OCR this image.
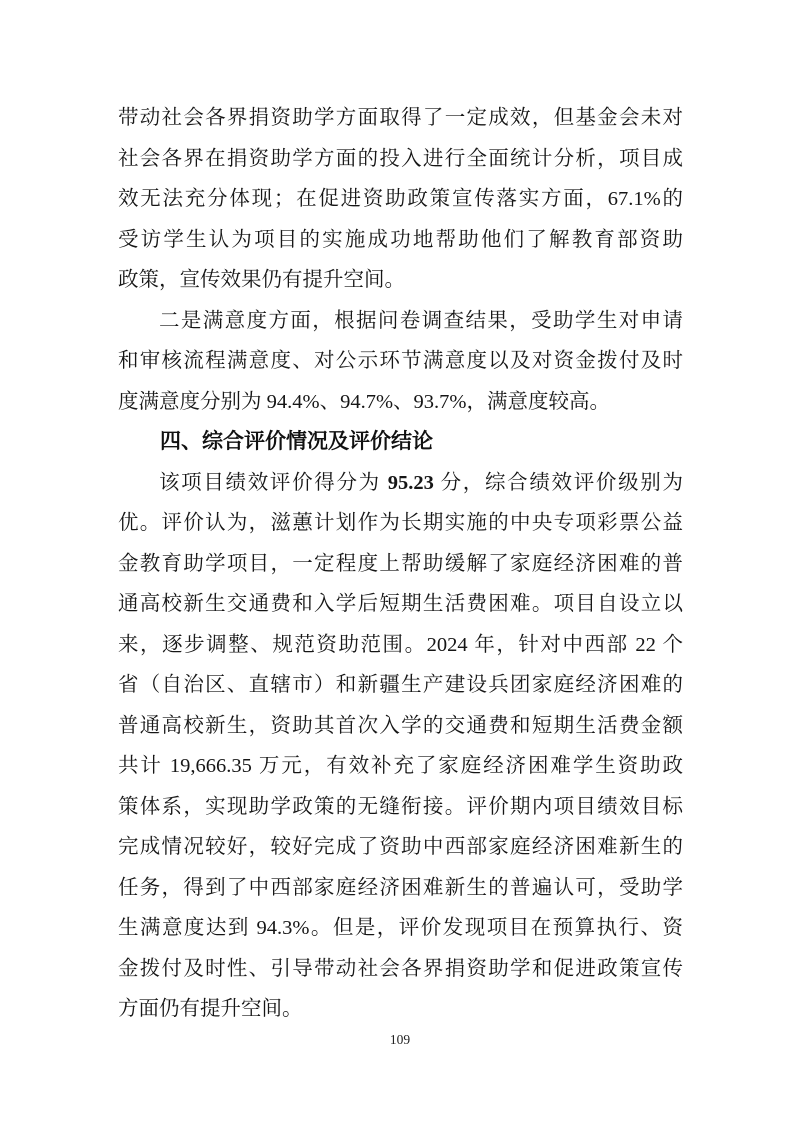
带动社会各界捐资助学方面取得了一定成效，但基金会未对
社会各界在捐资助学方面的投入进行全面统计分析，项目成
效无法充分体现；在促进资助政策宣传落实方面，67.1%的
受访学生认为项目的实施成功地帮助他们了解教育部资助
政策，宣传效果仍有提升空间。

二是满意度方面，根据问卷调查结果，受助学生对申请
和审核流程满意度、对公示环节满意度以及对资金拨付及时
度满意度分别为 94.4%、94.7%、93.7%，满意度较高。

四、综合评价情况及评价结论

该项目绩效评价得分为 95.23 分，综合绩效评价级别为
优。评价认为，滋蕙计划作为长期实施的中央专项彩票公益
金教育助学项目，一定程度上帮助缓解了家庭经济困难的普
通高校新生交通费和入学后短期生活费困难。项目自设立以
来，逐步调整、规范资助范围。2024 年，针对中西部 22 个
省（自治区、直辖市）和新疆生产建设兵团家庭经济困难的
普通高校新生，资助其首次入学的交通费和短期生活费金额
共计 19,666.35 万元，有效补充了家庭经济困难学生资助政
策体系，实现助学政策的无缝衔接。评价期内项目绩效目标
完成情况较好，较好完成了资助中西部家庭经济困难新生的
任务，得到了中西部家庭经济困难新生的普遍认可，受助学
生满意度达到 94.3%。但是，评价发现项目在预算执行、资
金拨付及时性、引导带动社会各界捐资助学和促进政策宣传
方面仍有提升空间。

109
